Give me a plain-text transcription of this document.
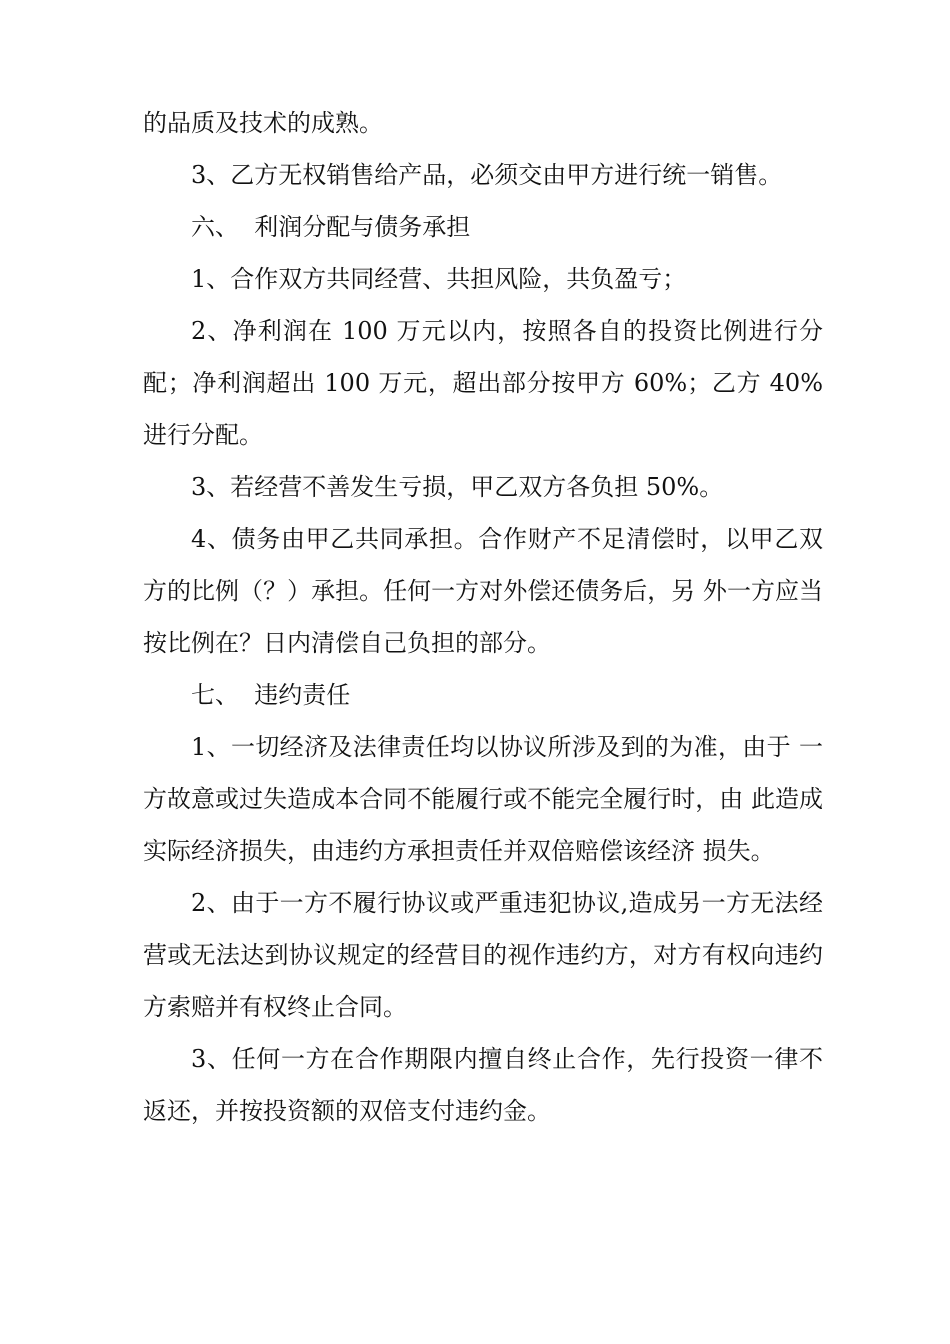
的品质及技术的成熟。

3、乙方无权销售给产品，必须交由甲方进行统一销售。

六、  利润分配与债务承担

1、合作双方共同经营、共担风险，共负盈亏；

2、净利润在 100 万元以内，按照各自的投资比例进行分配；净利润超出 100 万元，超出部分按甲方 60%；乙方 40%进行分配。

3、若经营不善发生亏损，甲乙双方各负担 50%。

4、债务由甲乙共同承担。合作财产不足清偿时，以甲乙双方的比例（？）承担。任何一方对外偿还债务后，另 外一方应当按比例在？日内清偿自己负担的部分。

七、  违约责任

1、一切经济及法律责任均以协议所涉及到的为准，由于 一方故意或过失造成本合同不能履行或不能完全履行时，由 此造成实际经济损失，由违约方承担责任并双倍赔偿该经济 损失。

2、由于一方不履行协议或严重违犯协议,造成另一方无法经营或无法达到协议规定的经营目的视作违约方，对方有权向违约方索赔并有权终止合同。

3、任何一方在合作期限内擅自终止合作，先行投资一律不返还，并按投资额的双倍支付违约金。
